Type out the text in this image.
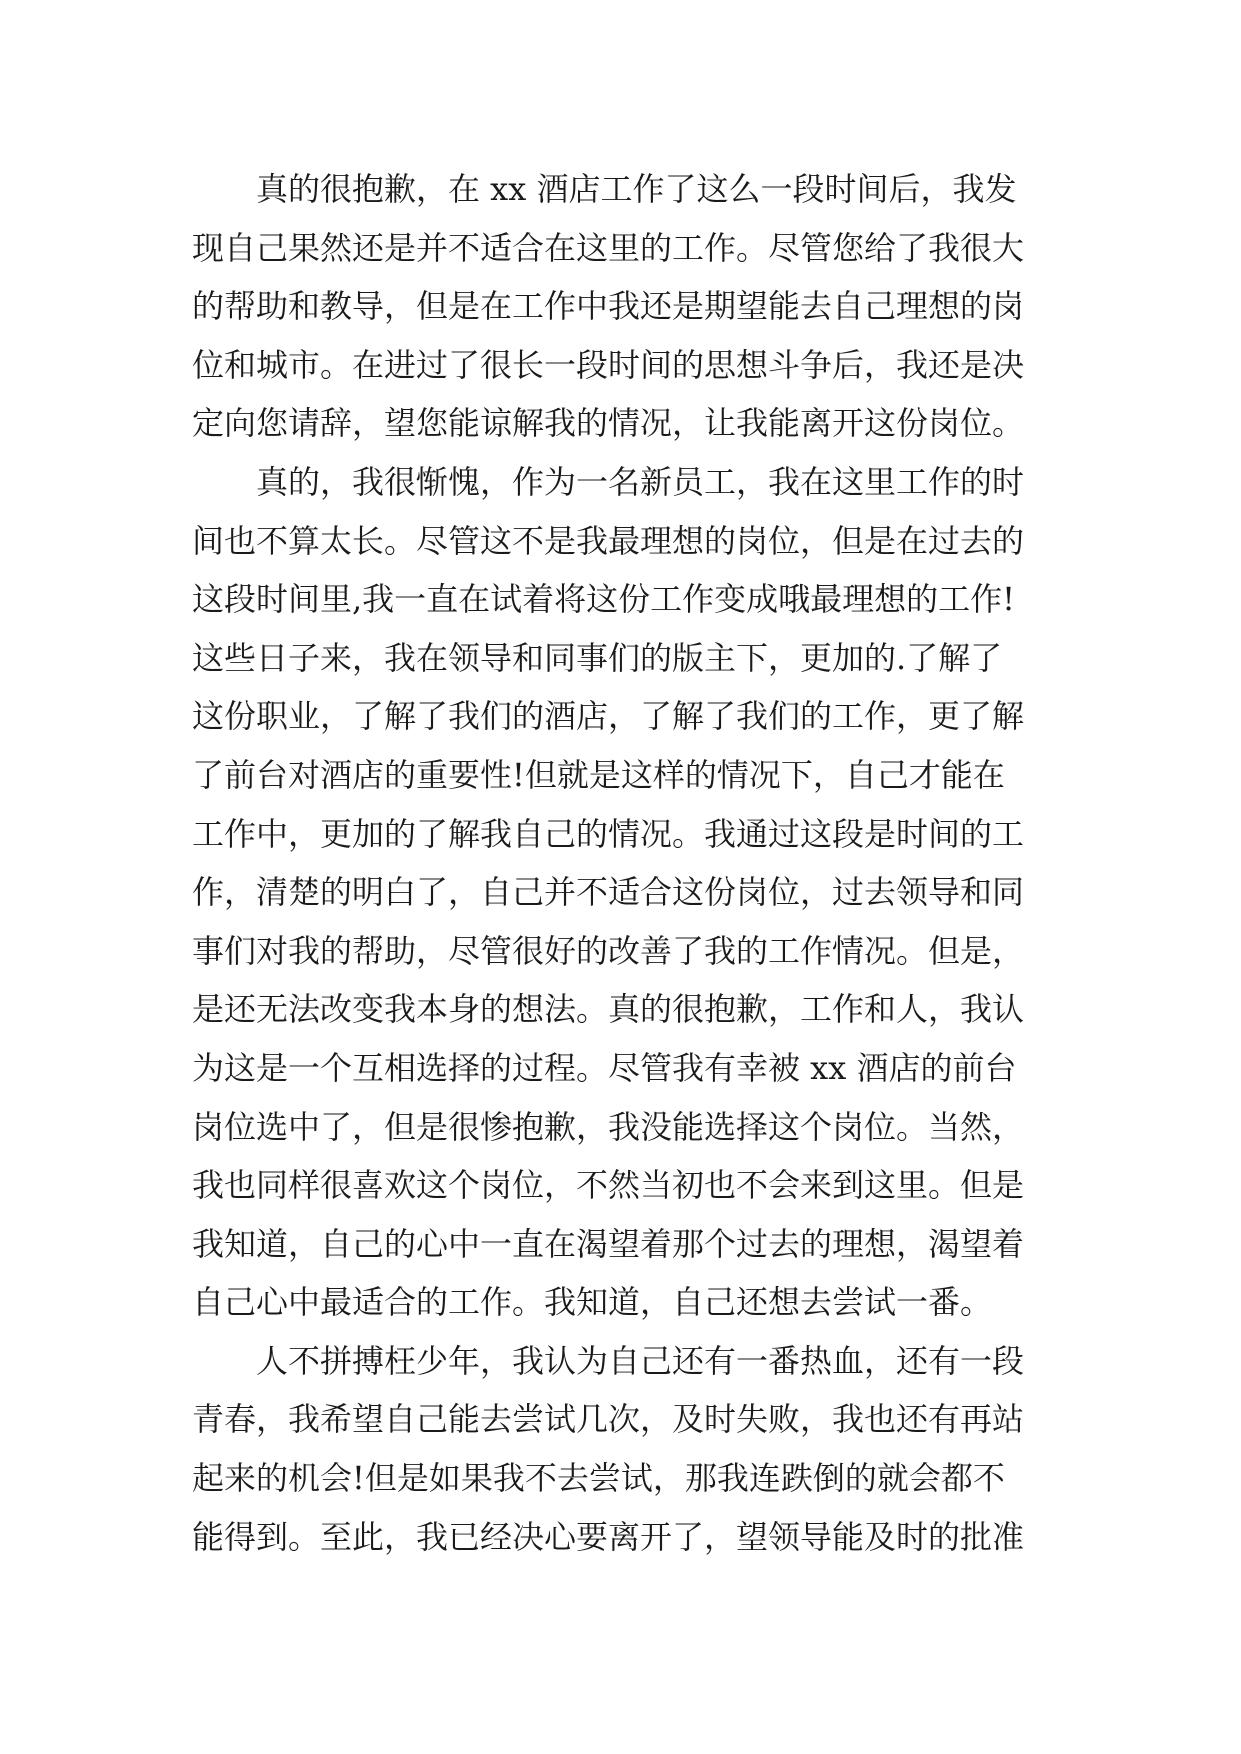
真的很抱歉，在 xx 酒店工作了这么一段时间后，我发
现自己果然还是并不适合在这里的工作。尽管您给了我很大
的帮助和教导，但是在工作中我还是期望能去自己理想的岗
位和城市。在进过了很长一段时间的思想斗争后，我还是决
定向您请辞，望您能谅解我的情况，让我能离开这份岗位。
真的，我很惭愧，作为一名新员工，我在这里工作的时
间也不算太长。尽管这不是我最理想的岗位，但是在过去的
这段时间里,我一直在试着将这份工作变成哦最理想的工作!
这些日子来，我在领导和同事们的版主下，更加的.了解了
这份职业，了解了我们的酒店，了解了我们的工作，更了解
了前台对酒店的重要性!但就是这样的情况下，自己才能在
工作中，更加的了解我自己的情况。我通过这段是时间的工
作，清楚的明白了，自己并不适合这份岗位，过去领导和同
事们对我的帮助，尽管很好的改善了我的工作情况。但是，
是还无法改变我本身的想法。真的很抱歉，工作和人，我认
为这是一个互相选择的过程。尽管我有幸被 xx 酒店的前台
岗位选中了，但是很惨抱歉，我没能选择这个岗位。当然，
我也同样很喜欢这个岗位，不然当初也不会来到这里。但是
我知道，自己的心中一直在渴望着那个过去的理想，渴望着
自己心中最适合的工作。我知道，自己还想去尝试一番。
人不拼搏枉少年，我认为自己还有一番热血，还有一段
青春，我希望自己能去尝试几次，及时失败，我也还有再站
起来的机会!但是如果我不去尝试，那我连跌倒的就会都不
能得到。至此，我已经决心要离开了，望领导能及时的批准
